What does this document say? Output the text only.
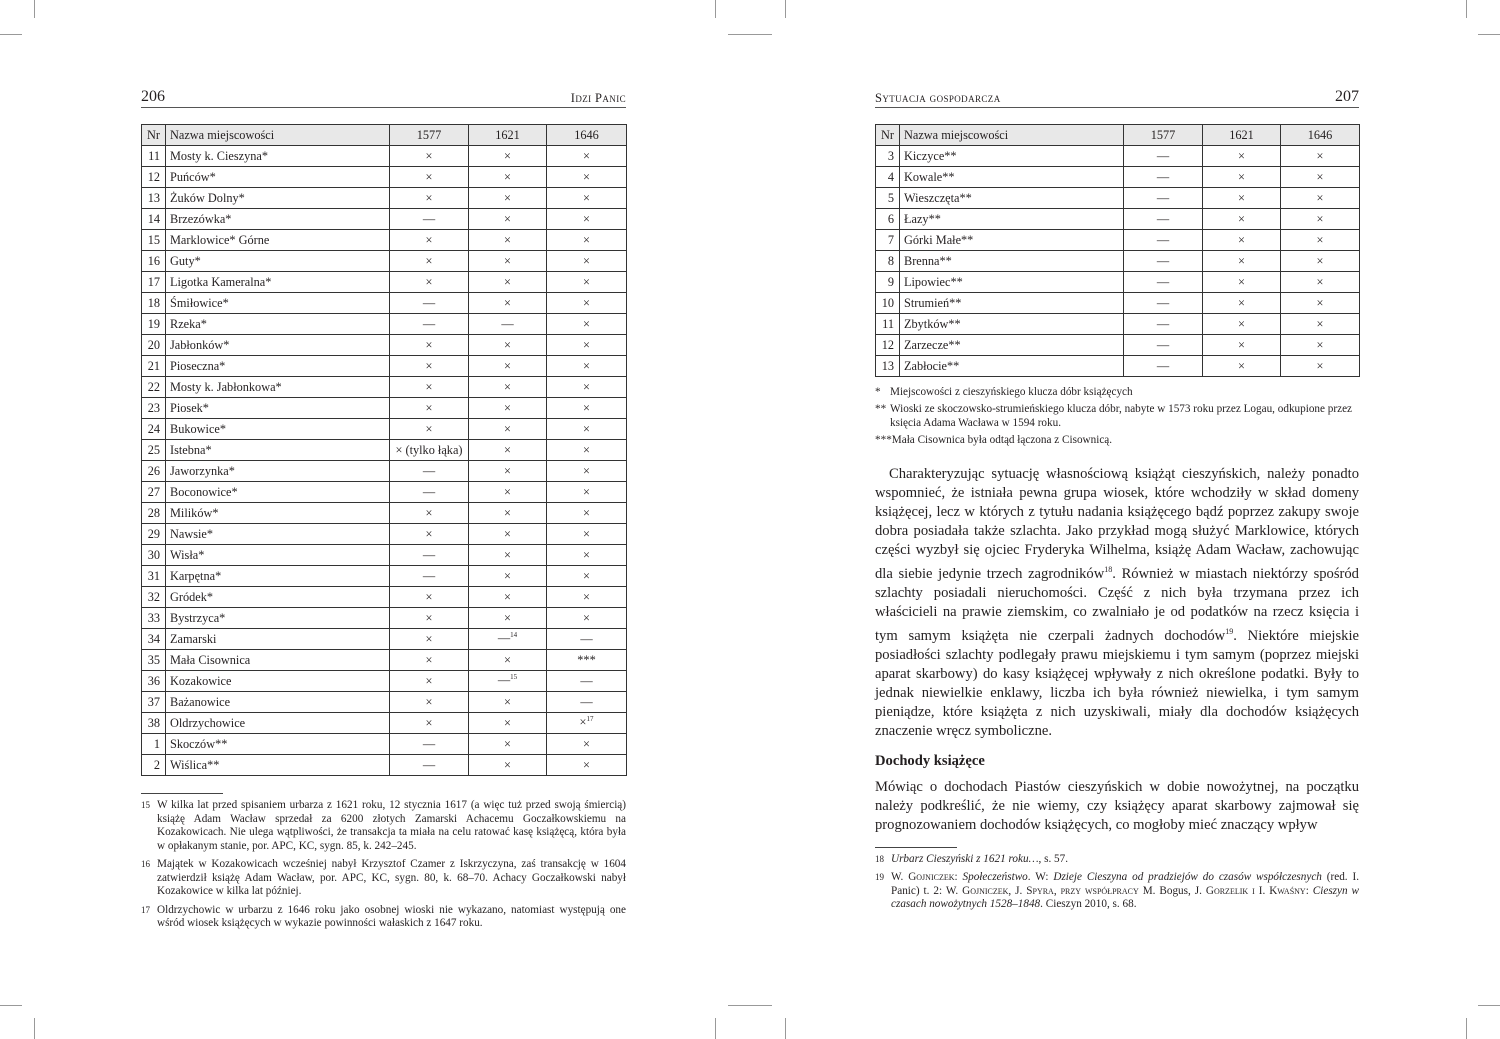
206	Idzi Panic
Nr	Nazwa miejscowości	1577	1621	1646
11	Mosty k. Cieszyna*	×	×	×
12	Puńców*	×	×	×
13	Żuków Dolny*	×	×	×
14	Brzezówka*	—	×	×
15	Marklowice* Górne	×	×	×
16	Guty*	×	×	×
17	Ligotka Kameralna*	×	×	×
18	Śmiłowice*	—	×	×
19	Rzeka*	—	—	×
20	Jabłonków*	×	×	×
21	Pioseczna*	×	×	×
22	Mosty k. Jabłonkowa*	×	×	×
23	Piosek*	×	×	×
24	Bukowice*	×	×	×
25	Istebna*	× (tylko łąka)	×	×
26	Jaworzynka*	—	×	×
27	Boconowice*	—	×	×
28	Milików*	×	×	×
29	Nawsie*	×	×	×
30	Wisła*	—	×	×
31	Karpętna*	—	×	×
32	Gródek*	×	×	×
33	Bystrzyca*	×	×	×
34	Zamarski	×	—$^{14}$	—
35	Mała Cisownica	×	×	***
36	Kozakowice	×	—$^{15}$	—
37	Bażanowice	×	×	—
38	Oldrzychowice	×	×	×$^{17}$
1	Skoczów**	—	×	×
2	Wiślica**	—	×	×
15 W kilka lat przed spisaniem urbarza z 1621 roku, 12 stycznia 1617 (a więc tuż przed swoją śmiercią) książę Adam Wacław sprzedał za 6200 złotych Zamarski Achacemu Goczałkowskiemu na Kozakowicach. Nie ulega wątpliwości, że transakcja ta miała na celu ratować kasę książęcą, która była w opłakanym stanie, por. APC, KC, sygn. 85, k. 242–245.
16 Majątek w Kozakowicach wcześniej nabył Krzysztof Czamer z Iskrzyczyna, zaś transakcję w 1604 zatwierdził książę Adam Wacław, por. APC, KC, sygn. 80, k. 68–70. Achacy Goczałkowski nabył Kozakowice w kilka lat później.
17 Oldrzychowic w urbarzu z 1646 roku jako osobnej wioski nie wykazano, natomiast występują one wśród wiosek książęcych w wykazie powinności wałaskich z 1647 roku.
Sytuacja gospodarcza	207
Nr	Nazwa miejscowości	1577	1621	1646
3	Kiczyce**	—	×	×
4	Kowale**	—	×	×
5	Wieszczęta**	—	×	×
6	Łazy**	—	×	×
7	Górki Małe**	—	×	×
8	Brenna**	—	×	×
9	Lipowiec**	—	×	×
10	Strumień**	—	×	×
11	Zbytków**	—	×	×
12	Zarzecze**	—	×	×
13	Zabłocie**	—	×	×
* Miejscowości z cieszyńskiego klucza dóbr książęcych
** Wioski ze skoczowsko-strumieńskiego klucza dóbr, nabyte w 1573 roku przez Logau, odkupione przez księcia Adama Wacława w 1594 roku.
*** Mała Cisownica była odtąd łączona z Cisownicą.

Charakteryzując sytuację własnościową książąt cieszyńskich, należy ponadto wspomnieć, że istniała pewna grupa wiosek, które wchodziły w skład domeny książęcej, lecz w których z tytułu nadania książęcego bądź poprzez zakupy swoje dobra posiadała także szlachta. Jako przykład mogą służyć Marklowice, których części wyzbył się ojciec Fryderyka Wilhelma, książę Adam Wacław, zachowując dla siebie jedynie trzech zagrodników$^{18}$. Również w miastach niektórzy spośród szlachty posiadali nieruchomości. Część z nich była trzymana przez ich właścicieli na prawie ziemskim, co zwalniało je od podatków na rzecz księcia i tym samym książęta nie czerpali żadnych dochodów$^{19}$. Niektóre miejskie posiadłości szlachty podlegały prawu miejskiemu i tym samym (poprzez miejski aparat skarbowy) do kasy książęcej wpływały z nich określone podatki. Były to jednak niewielkie enklawy, liczba ich była również niewielka, i tym samym pieniądze, które książęta z nich uzyskiwali, miały dla dochodów książęcych znaczenie wręcz symboliczne.

Dochody książęce

Mówiąc o dochodach Piastów cieszyńskich w dobie nowożytnej, na początku należy podkreślić, że nie wiemy, czy książęcy aparat skarbowy zajmował się prognozowaniem dochodów książęcych, co mogłoby mieć znaczący wpływ

18 Urbarz Cieszyński z 1621 roku…, s. 57.
19 W. Gojniczek: Społeczeństwo. W: Dzieje Cieszyna od pradziejów do czasów współczesnych (red. I. Panic) t. 2: W. Gojniczek, J. Spyra, przy współpracy M. Bogus, J. Gorzelik i I. Kwaśny: Cieszyn w czasach nowożytnych 1528–1848. Cieszyn 2010, s. 68.
